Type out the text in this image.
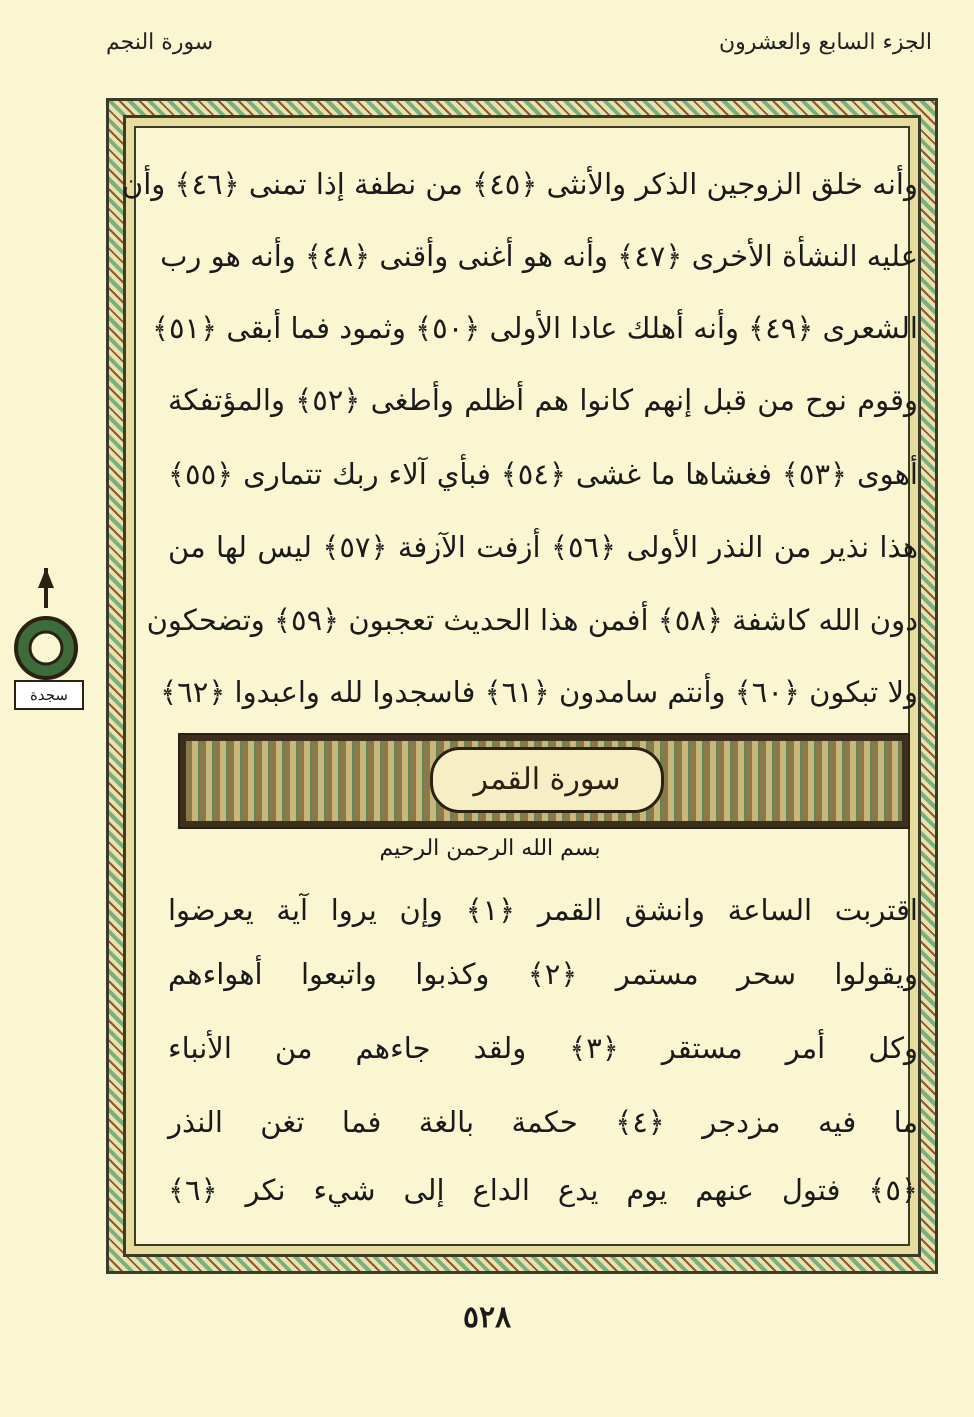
الجزء السابع والعشرون
سورة النجم
وأنه خلق الزوجين الذكر والأنثى ﴿٤٥﴾ من نطفة إذا تمنى ﴿٤٦﴾ وأن
عليه النشأة الأخرى ﴿٤٧﴾ وأنه هو أغنى وأقنى ﴿٤٨﴾ وأنه هو رب
الشعرى ﴿٤٩﴾ وأنه أهلك عادا الأولى ﴿٥٠﴾ وثمود فما أبقى ﴿٥١﴾
وقوم نوح من قبل إنهم كانوا هم أظلم وأطغى ﴿٥٢﴾ والمؤتفكة
أهوى ﴿٥٣﴾ فغشاها ما غشى ﴿٥٤﴾ فبأي آلاء ربك تتمارى ﴿٥٥﴾
هذا نذير من النذر الأولى ﴿٥٦﴾ أزفت الآزفة ﴿٥٧﴾ ليس لها من
دون الله كاشفة ﴿٥٨﴾ أفمن هذا الحديث تعجبون ﴿٥٩﴾ وتضحكون
ولا تبكون ﴿٦٠﴾ وأنتم سامدون ﴿٦١﴾ فاسجدوا لله واعبدوا ﴿٦٢﴾
سورة القمر
بسم الله الرحمن الرحيم
اقتربت الساعة وانشق القمر ﴿١﴾ وإن يروا آية يعرضوا
ويقولوا سحر مستمر ﴿٢﴾ وكذبوا واتبعوا أهواءهم
وكل أمر مستقر ﴿٣﴾ ولقد جاءهم من الأنباء
ما فيه مزدجر ﴿٤﴾ حكمة بالغة فما تغن النذر
﴿٥﴾ فتول عنهم يوم يدع الداع إلى شيء نكر ﴿٦﴾
سجدة
٥٢٨
